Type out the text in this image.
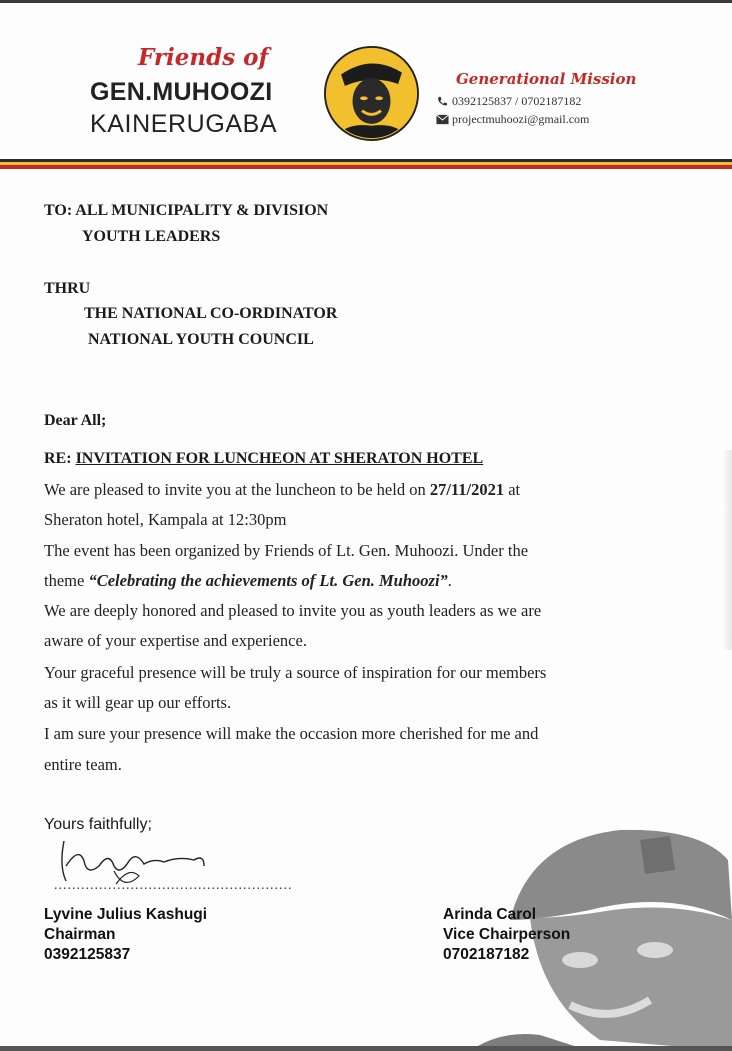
Friends of
GEN.MUHOOZI
KAINERUGABA
Generational Mission
0392125837 / 0702187182
projectmuhoozi@gmail.com
TO: ALL MUNICIPALITY & DIVISION
YOUTH LEADERS
THRU
THE NATIONAL CO-ORDINATOR
NATIONAL YOUTH COUNCIL
Dear All;
RE: INVITATION FOR LUNCHEON AT SHERATON HOTEL
We are pleased to invite you at the luncheon to be held on 27/11/2021 at
Sheraton hotel, Kampala at 12:30pm
The event has been organized by Friends of Lt. Gen. Muhoozi. Under the
theme “Celebrating the achievements of Lt. Gen. Muhoozi”.
We are deeply honored and pleased to invite you as youth leaders as we are
aware of your expertise and experience.
Your graceful presence will be truly a source of inspiration for our members
as it will gear up our efforts.
I am sure your presence will make the occasion more cherished for me and
entire team.
Yours faithfully;
.....................................................
Lyvine Julius Kashugi
Chairman
0392125837
Arinda Carol
Vice Chairperson
0702187182
